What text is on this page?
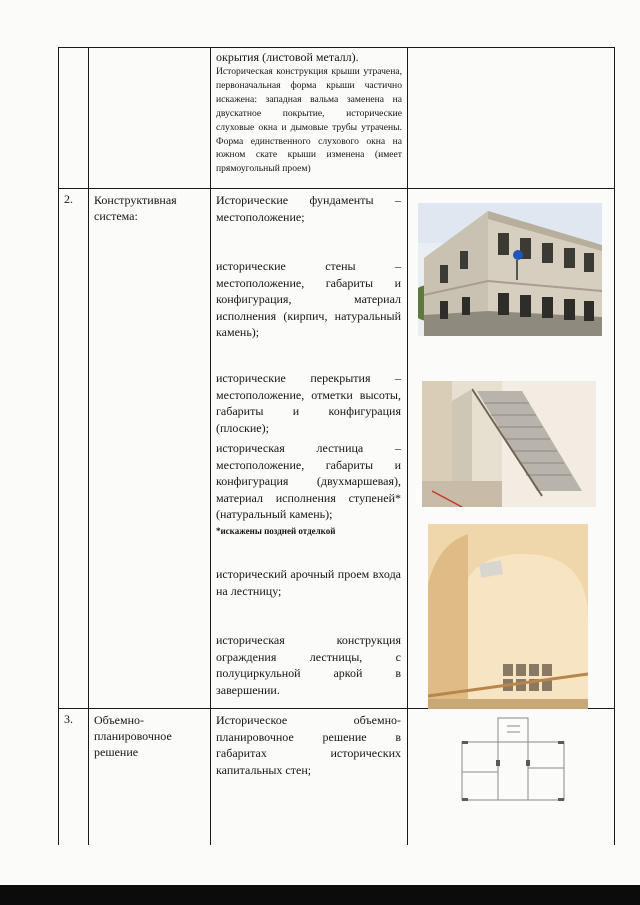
окрытия (листовой металл).
Историческая конструкция крыши утрачена, первоначальная форма крыши частично искажена: западная вальма заменена на двускатное покрытие, исторические слуховые окна и дымовые трубы утрачены. Форма единственного слухового окна на южном скате крыши изменена (имеет прямоугольный проем)
2. Конструктивная система:
Исторические фундаменты – местоположение;
исторические стены – местоположение, габариты и конфигурация, материал исполнения (кирпич, натуральный камень);
исторические перекрытия – местоположение, отметки высоты, габариты и конфигурация (плоские);
историческая лестница – местоположение, габариты и конфигурация (двухмаршевая), материал исполнения ступеней* (натуральный камень);
*искажены поздней отделкой
исторический арочный проем входа на лестницу;
историческая конструкция ограждения лестницы, с полуциркульной аркой в завершении.
3. Объемно-планировочное решение
Историческое объемно-планировочное решение в габаритах исторических капитальных стен;
